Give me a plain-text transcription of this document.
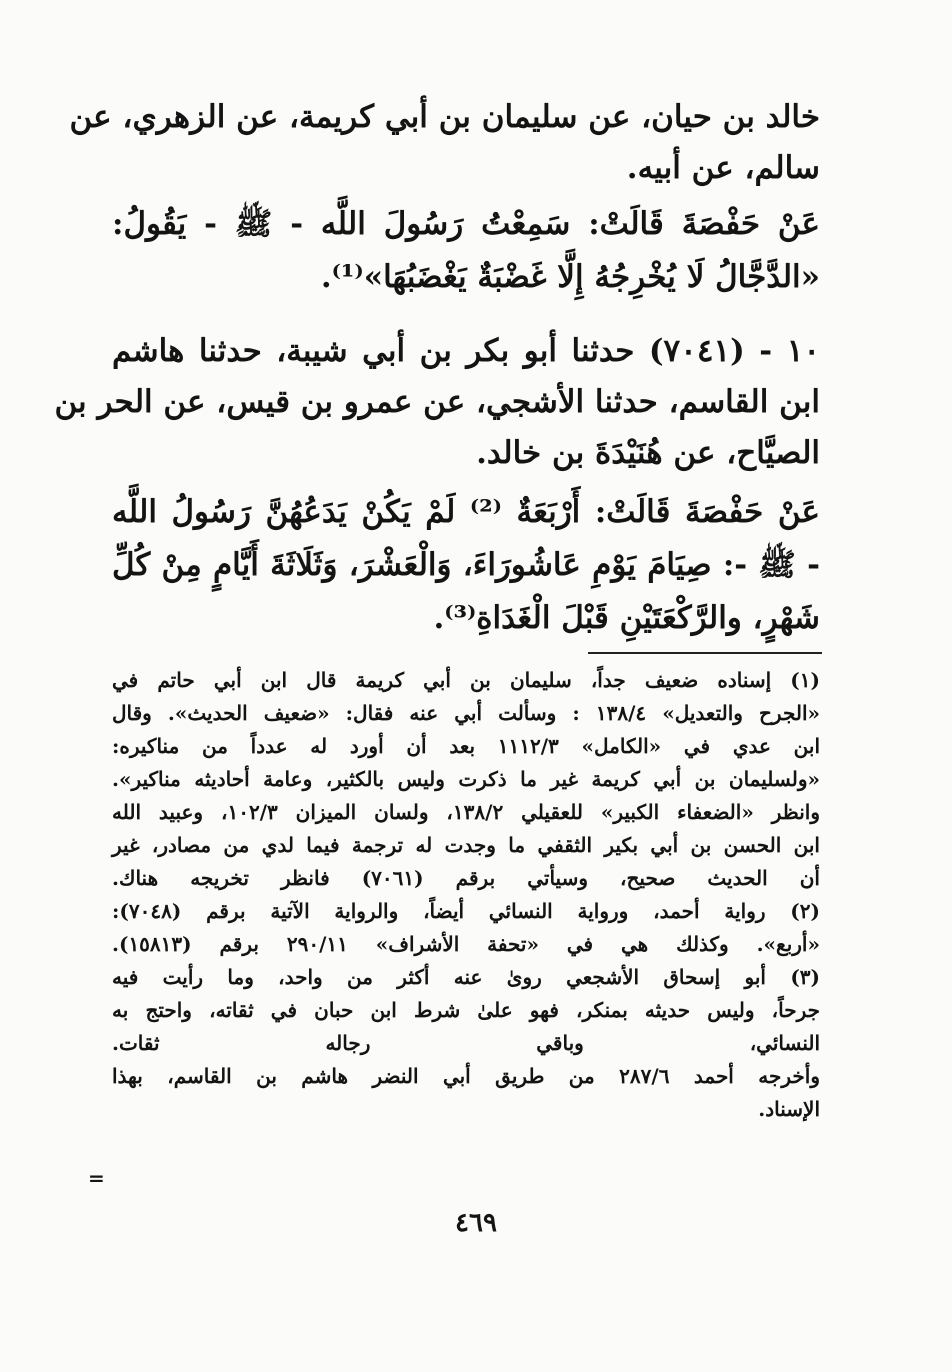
خالد بن حيان، عن سليمان بن أبي كريمة، عن الزهري، عن
سالم، عن أبيه.
عَنْ حَفْصَةَ قَالَتْ: سَمِعْتُ رَسُولَ اللَّه - ﷺ - يَقُولُ:
«الدَّجَّالُ لَا يُخْرِجُهُ إِلَّا غَضْبَةٌ يَغْضَبُهَا»⁽¹⁾.
١٠ - (٧٠٤١) حدثنا أبو بكر بن أبي شيبة، حدثنا هاشم
ابن القاسم، حدثنا الأشجي، عن عمرو بن قيس، عن الحر بن
الصيَّاح، عن هُنَيْدَةَ بن خالد.
عَنْ حَفْصَةَ قَالَتْ: أَرْبَعَةٌ ⁽²⁾ لَمْ يَكُنْ يَدَعُهُنَّ رَسُولُ اللَّه
- ﷺ -: صِيَامَ يَوْمِ عَاشُورَاءَ، وَالْعَشْرَ، وَثَلَاثَةَ أَيَّامٍ مِنْ كُلِّ
شَهْرٍ، والرَّكْعَتَيْنِ قَبْلَ الْغَدَاةِ⁽³⁾.
(١) إسناده ضعيف جداً، سليمان بن أبي كريمة قال ابن أبي حاتم في
«الجرح والتعديل» ١٣٨/٤ : وسألت أبي عنه فقال: «ضعيف الحديث». وقال
ابن عدي في «الكامل» ١١١٢/٣ بعد أن أورد له عدداً من مناكيره:
«ولسليمان بن أبي كريمة غير ما ذكرت وليس بالكثير، وعامة أحاديثه مناكير».
وانظر «الضعفاء الكبير» للعقيلي ١٣٨/٢، ولسان الميزان ١٠٢/٣، وعبيد الله
ابن الحسن بن أبي بكير الثقفي ما وجدت له ترجمة فيما لدي من مصادر، غير
أن الحديث صحيح، وسيأتي برقم (٧٠٦١) فانظر تخريجه هناك.
(٢) رواية أحمد، ورواية النسائي أيضاً، والرواية الآتية برقم (٧٠٤٨):
«أربع». وكذلك هي في «تحفة الأشراف» ٢٩٠/١١ برقم (١٥٨١٣).
(٣) أبو إسحاق الأشجعي روىٰ عنه أكثر من واحد، وما رأيت فيه
جرحاً، وليس حديثه بمنكر، فهو علىٰ شرط ابن حبان في ثقاته، واحتج به
النسائي، وباقي رجاله ثقات.
وأخرجه أحمد ٢٨٧/٦ من طريق أبي النضر هاشم بن القاسم، بهذا
الإسناد.
=
٤٦٩
